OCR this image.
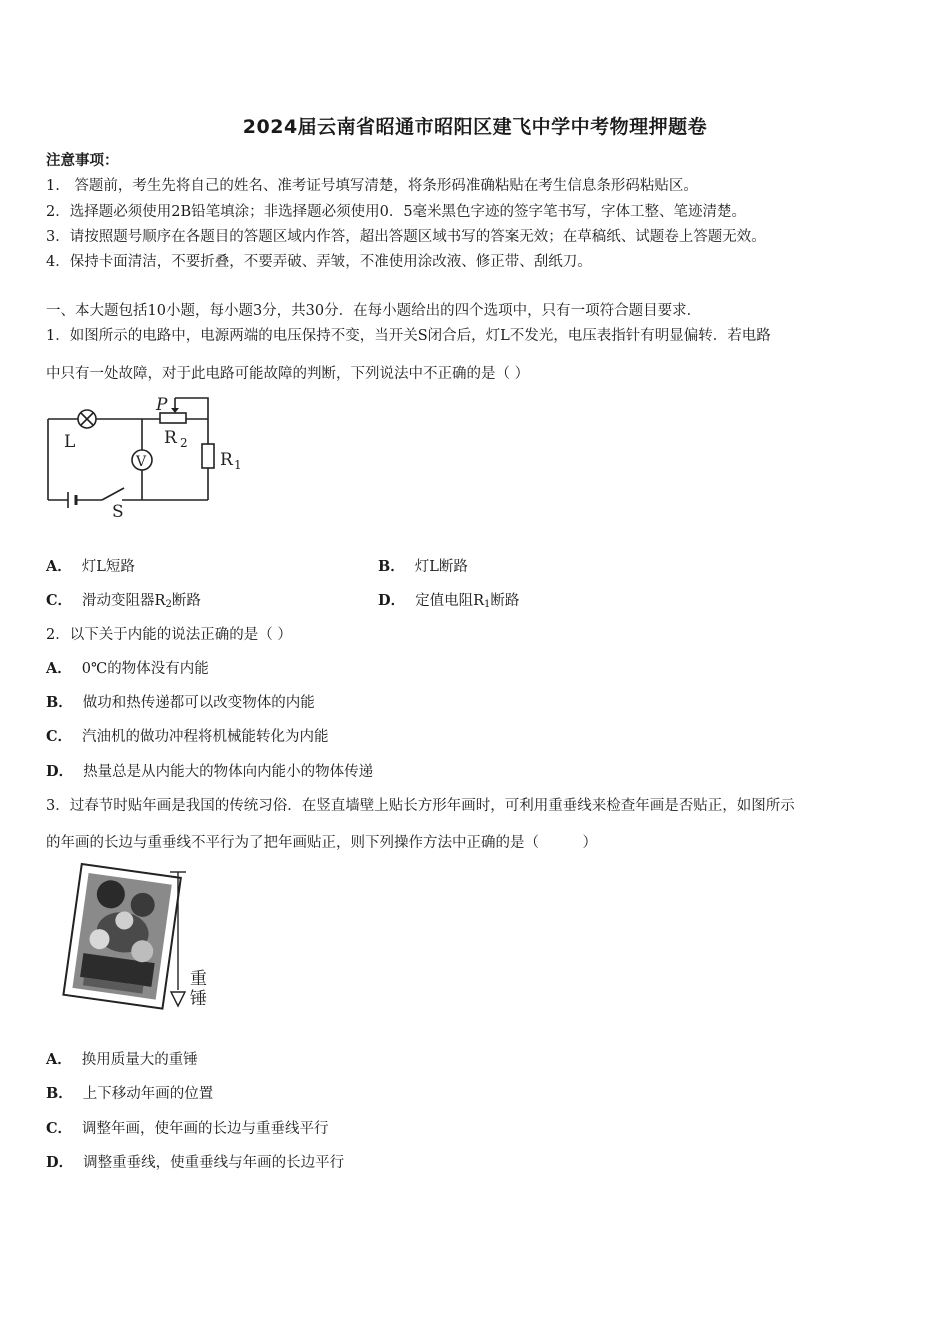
2024届云南省昭通市昭阳区建飞中学中考物理押题卷
注意事项：
1.　答题前，考生先将自己的姓名、准考证号填写清楚，将条形码准确粘贴在考生信息条形码粘贴区。
2．选择题必须使用2B铅笔填涂；非选择题必须使用0．5毫米黑色字迹的签字笔书写，字体工整、笔迹清楚。
3．请按照题号顺序在各题目的答题区域内作答，超出答题区域书写的答案无效；在草稿纸、试题卷上答题无效。
4．保持卡面清洁，不要折叠，不要弄破、弄皱，不准使用涂改液、修正带、刮纸刀。
一、本大题包括10小题，每小题3分，共30分．在每小题给出的四个选项中，只有一项符合题目要求．
1．如图所示的电路中，电源两端的电压保持不变，当开关S闭合后，灯L不发光，电压表指针有明显偏转．若电路
中只有一处故障，对于此电路可能故障的判断，下列说法中不正确的是（ ）
L
P
R 2
V	R 1
S
A． 灯L短路	B． 灯L断路
C． 滑动变阻器$R_2$断路	D． 定值电阻$R_1$断路
2．以下关于内能的说法正确的是（ ）
A． 0℃的物体没有内能
B． 做功和热传递都可以改变物体的内能
C． 汽油机的做功冲程将机械能转化为内能
D． 热量总是从内能大的物体向内能小的物体传递
3．过春节时贴年画是我国的传统习俗．在竖直墙壁上贴长方形年画时，可利用重垂线来检查年画是否贴正，如图所示
的年画的长边与重垂线不平行为了把年画贴正，则下列操作方法中正确的是（　　　）
重
锤
A． 换用质量大的重锤
B． 上下移动年画的位置
C． 调整年画，使年画的长边与重垂线平行
D． 调整重垂线，使重垂线与年画的长边平行
